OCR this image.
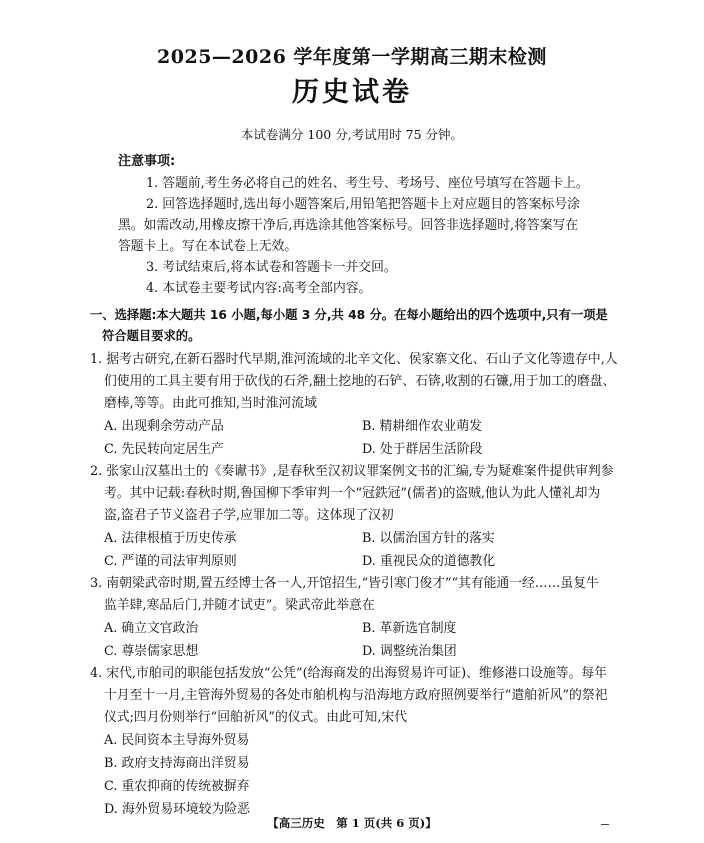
2025—2026 学年度第一学期高三期末检测
历史试卷
本试卷满分 100 分,考试用时 75 分钟。
注意事项:
1. 答题前,考生务必将自己的姓名、考生号、考场号、座位号填写在答题卡上。
2. 回答选择题时,选出每小题答案后,用铅笔把答题卡上对应题目的答案标号涂
黑。如需改动,用橡皮擦干净后,再选涂其他答案标号。回答非选择题时,将答案写在
答题卡上。写在本试卷上无效。
3. 考试结束后,将本试卷和答题卡一并交回。
4. 本试卷主要考试内容:高考全部内容。
一、选择题:本大题共 16 小题,每小题 3 分,共 48 分。在每小题给出的四个选项中,只有一项是
符合题目要求的。
1. 据考古研究,在新石器时代早期,淮河流域的北辛文化、侯家寨文化、石山子文化等遗存中,人
们使用的工具主要有用于砍伐的石斧,翻土挖地的石铲、石锛,收割的石镰,用于加工的磨盘、
磨棒,等等。由此可推知,当时淮河流域
A. 出现剩余劳动产品	B. 精耕细作农业萌发
C. 先民转向定居生产	D. 处于群居生活阶段
2. 张家山汉墓出土的《奏谳书》,是春秋至汉初议罪案例文书的汇编,专为疑难案件提供审判参
考。其中记载:春秋时期,鲁国柳下季审判一个“冠鉄冠”(儒者)的盗贼,他认为此人懂礼却为
盗,盗君子节义盗君子学,应罪加二等。这体现了汉初
A. 法律根植于历史传承	B. 以儒治国方针的落实
C. 严谨的司法审判原则	D. 重视民众的道德教化
3. 南朝梁武帝时期,置五经博士各一人,开馆招生,“皆引寒门俊才”“其有能通一经……虽复牛
监羊肆,寒品后门,并随才试吏”。梁武帝此举意在
A. 确立文官政治	B. 革新选官制度
C. 尊崇儒家思想	D. 调整统治集团
4. 宋代,市舶司的职能包括发放“公凭”(给海商发的出海贸易许可证)、维修港口设施等。每年
十月至十一月,主管海外贸易的各处市舶机构与沿海地方政府照例要举行“遣舶祈风”的祭祀
仪式;四月份则举行“回舶祈风”的仪式。由此可知,宋代
A. 民间资本主导海外贸易
B. 政府支持海商出洋贸易
C. 重农抑商的传统被摒弃
D. 海外贸易环境较为险恶
【高三历史　第 1 页(共 6 页)】
